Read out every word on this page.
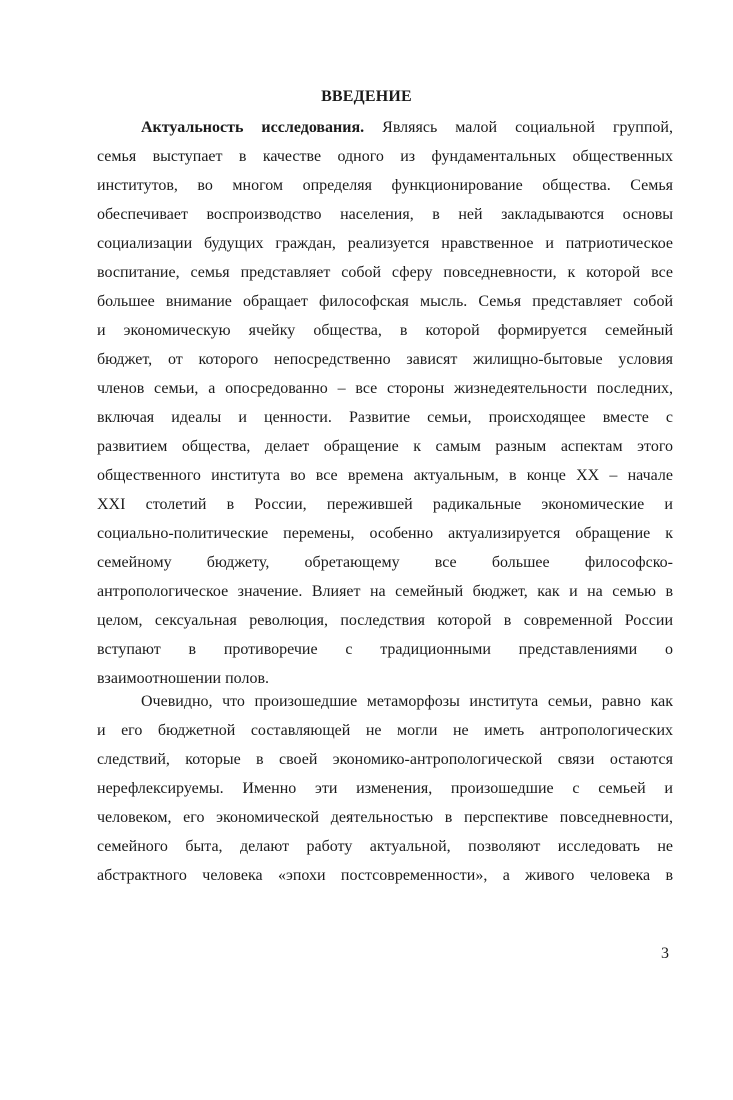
ВВЕДЕНИЕ
Актуальность исследования. Являясь малой социальной группой,
семья выступает в качестве одного из фундаментальных общественных
институтов, во многом определяя функционирование общества. Семья
обеспечивает воспроизводство населения, в ней закладываются основы
социализации будущих граждан, реализуется нравственное и патриотическое
воспитание, семья представляет собой сферу повседневности, к которой все
большее внимание обращает философская мысль. Семья представляет собой
и экономическую ячейку общества, в которой формируется семейный
бюджет, от которого непосредственно зависят жилищно-бытовые условия
членов семьи, а опосредованно – все стороны жизнедеятельности последних,
включая идеалы и ценности. Развитие семьи, происходящее вместе с
развитием общества, делает обращение к самым разным аспектам этого
общественного института во все времена актуальным, в конце XX – начале
XXI столетий в России, пережившей радикальные экономические и
социально-политические перемены, особенно актуализируется обращение к
семейному бюджету, обретающему все большее философско-
антропологическое значение. Влияет на семейный бюджет, как и на семью в
целом, сексуальная революция, последствия которой в современной России
вступают в противоречие с традиционными представлениями о
взаимоотношении полов.
Очевидно, что произошедшие метаморфозы института семьи, равно как
и его бюджетной составляющей не могли не иметь антропологических
следствий, которые в своей экономико-антропологической связи остаются
нерефлексируемы. Именно эти изменения, произошедшие с семьей и
человеком, его экономической деятельностью в перспективе повседневности,
семейного быта, делают работу актуальной, позволяют исследовать не
абстрактного человека «эпохи постсовременности», а живого человека в

3
